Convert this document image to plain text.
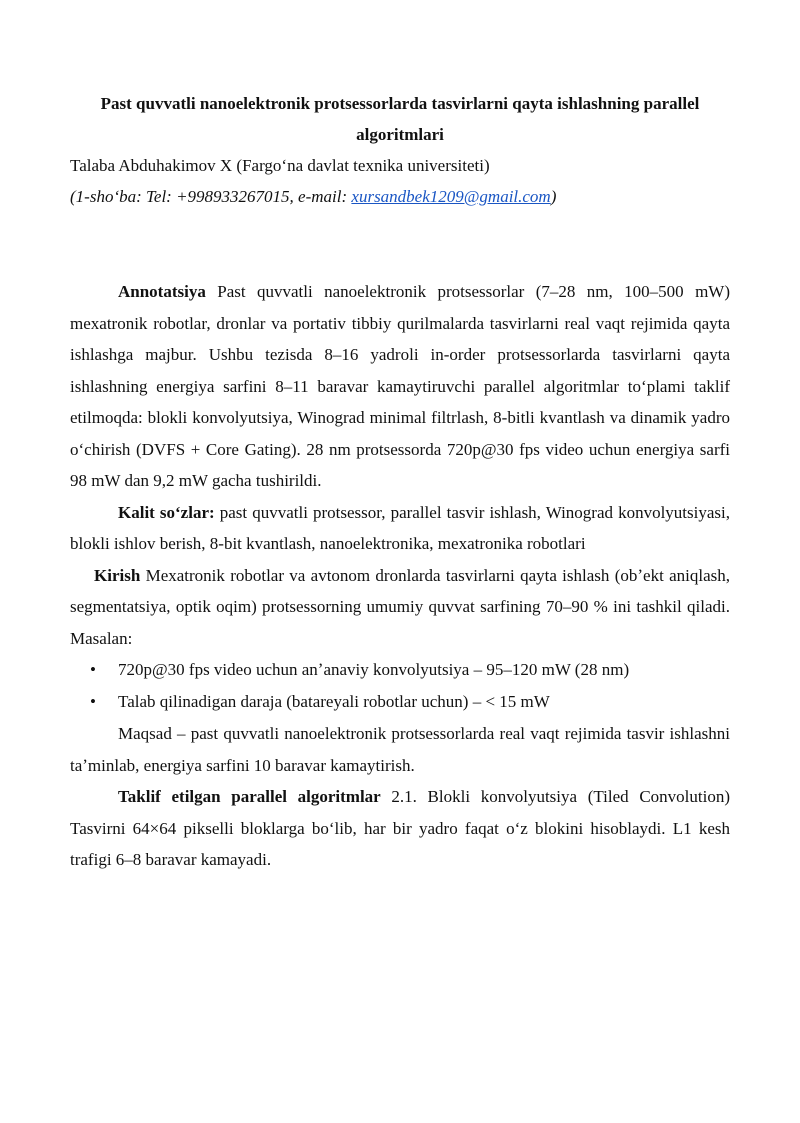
Past quvvatli nanoelektronik protsessorlarda tasvirlarni qayta ishlashning parallel algoritmlari
Talaba Abduhakimov X (Fargoʻna davlat texnika universiteti)
(1-shoʻba: Tel: +998933267015, e-mail: xursandbek1209@gmail.com)

Annotatsiya Past quvvatli nanoelektronik protsessorlar (7–28 nm, 100–500 mW) mexatronik robotlar, dronlar va portativ tibbiy qurilmalarda tasvirlarni real vaqt rejimida qayta ishlashga majbur. Ushbu tezisda 8–16 yadroli in-order protsessorlarda tasvirlarni qayta ishlashning energiya sarfini 8–11 baravar kamaytiruvchi parallel algoritmlar toʻplami taklif etilmoqda: blokli konvolyutsiya, Winograd minimal filtrlash, 8-bitli kvantlash va dinamik yadro oʻchirish (DVFS + Core Gating). 28 nm protsessorda 720p@30 fps video uchun energiya sarfi 98 mW dan 9,2 mW gacha tushirildi.

Kalit soʻzlar: past quvvatli protsessor, parallel tasvir ishlash, Winograd konvolyutsiyasi, blokli ishlov berish, 8-bit kvantlash, nanoelektronika, mexatronika robotlari

Kirish Mexatronik robotlar va avtonom dronlarda tasvirlarni qayta ishlash (obʼekt aniqlash, segmentatsiya, optik oqim) protsessorning umumiy quvvat sarfining 70–90 % ini tashkil qiladi. Masalan:

• 720p@30 fps video uchun anʼanaviy konvolyutsiya – 95–120 mW (28 nm)
• Talab qilinadigan daraja (batareyali robotlar uchun) – < 15 mW

Maqsad – past quvvatli nanoelektronik protsessorlarda real vaqt rejimida tasvir ishlashni taʼminlab, energiya sarfini 10 baravar kamaytirish.

Taklif etilgan parallel algoritmlar 2.1. Blokli konvolyutsiya (Tiled Convolution) Tasvirni 64×64 pikselli bloklarga boʻlib, har bir yadro faqat oʻz blokini hisoblaydi. L1 kesh trafigi 6–8 baravar kamayadi.
